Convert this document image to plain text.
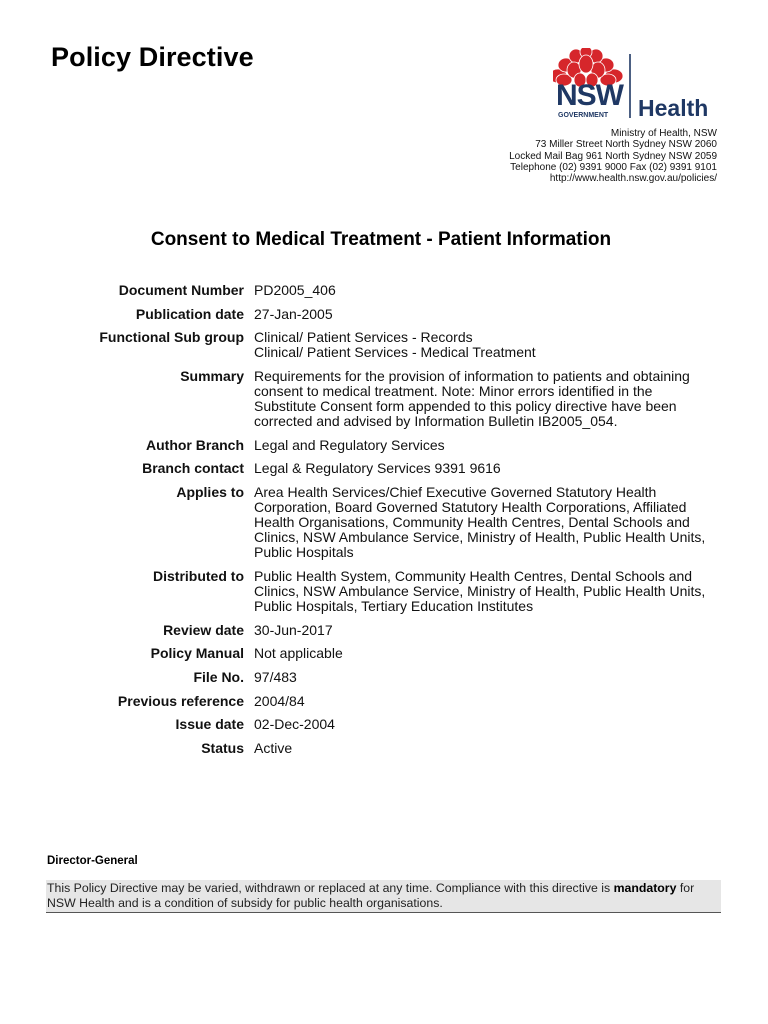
Policy Directive
NSW
GOVERNMENT Health
Ministry of Health, NSW
73 Miller Street North Sydney NSW 2060
Locked Mail Bag 961 North Sydney NSW 2059
Telephone (02) 9391 9000 Fax (02) 9391 9101
http://www.health.nsw.gov.au/policies/
Consent to Medical Treatment - Patient Information
Document Number PD2005_406
Publication date 27-Jan-2005
Functional Sub group Clinical/ Patient Services - Records
Clinical/ Patient Services - Medical Treatment
Summary Requirements for the provision of information to patients and obtaining
consent to medical treatment. Note: Minor errors identified in the
Substitute Consent form appended to this policy directive have been
corrected and advised by Information Bulletin IB2005_054.
Author Branch Legal and Regulatory Services
Branch contact Legal & Regulatory Services 9391 9616
Applies to Area Health Services/Chief Executive Governed Statutory Health
Corporation, Board Governed Statutory Health Corporations, Affiliated
Health Organisations, Community Health Centres, Dental Schools and
Clinics, NSW Ambulance Service, Ministry of Health, Public Health Units,
Public Hospitals
Distributed to Public Health System, Community Health Centres, Dental Schools and
Clinics, NSW Ambulance Service, Ministry of Health, Public Health Units,
Public Hospitals, Tertiary Education Institutes
Review date 30-Jun-2017
Policy Manual Not applicable
File No. 97/483
Previous reference 2004/84
Issue date 02-Dec-2004
Status Active
Director-General
This Policy Directive may be varied, withdrawn or replaced at any time. Compliance with this directive is mandatory for NSW Health and is a condition of subsidy for public health organisations.
